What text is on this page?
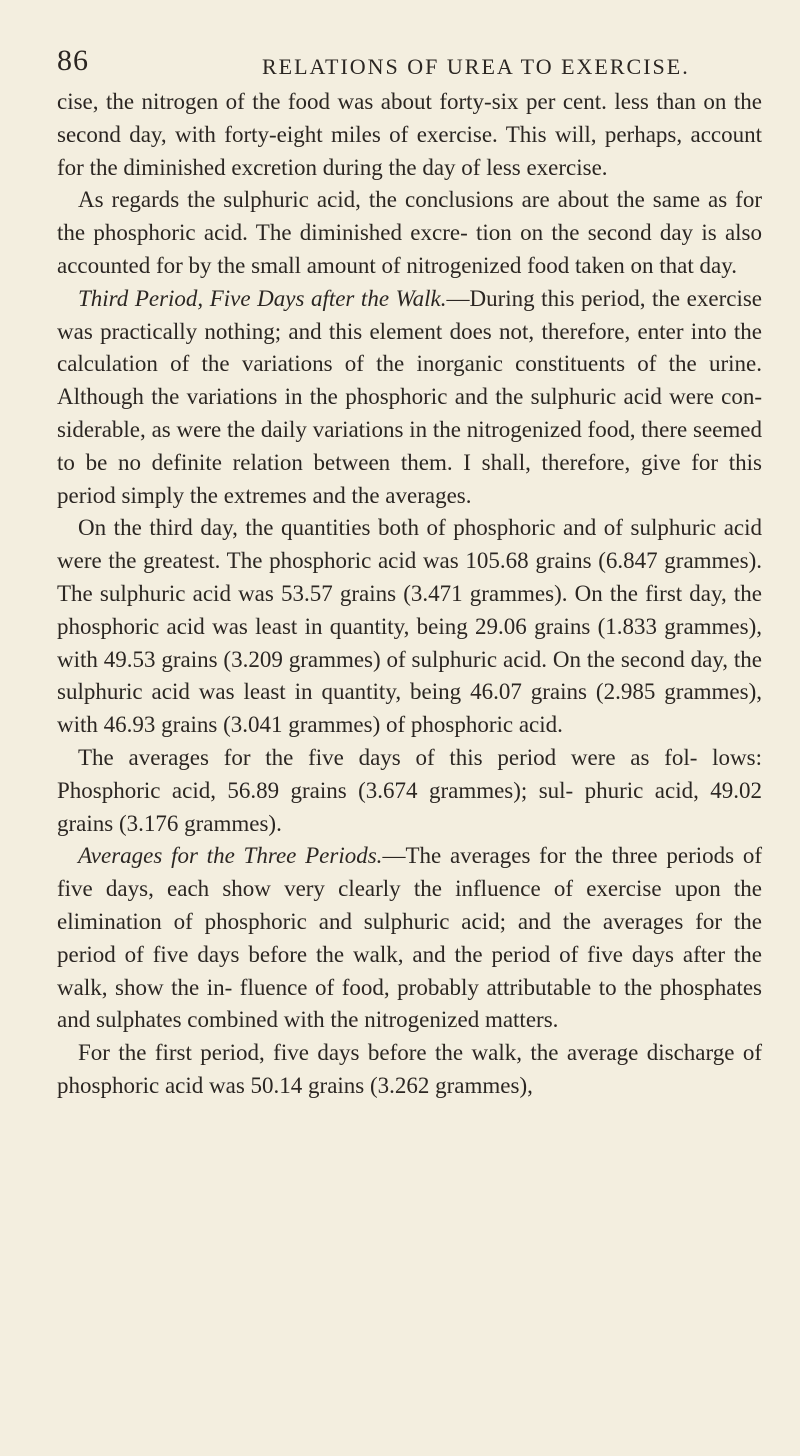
86	RELATIONS OF UREA TO EXERCISE.

cise, the nitrogen of the food was about forty-six per cent. less than on the second day, with forty-eight miles of exercise. This will, perhaps, account for the diminished excretion during the day of less exercise.

As regards the sulphuric acid, the conclusions are about the same as for the phosphoric acid. The diminished excre- tion on the second day is also accounted for by the small amount of nitrogenized food taken on that day.

Third Period, Five Days after the Walk.—During this period, the exercise was practically nothing; and this element does not, therefore, enter into the calculation of the variations of the inorganic constituents of the urine. Although the variations in the phosphoric and the sulphuric acid were con- siderable, as were the daily variations in the nitrogenized food, there seemed to be no definite relation between them. I shall, therefore, give for this period simply the extremes and the averages.

On the third day, the quantities both of phosphoric and of sulphuric acid were the greatest. The phosphoric acid was 105.68 grains (6.847 grammes). The sulphuric acid was 53.57 grains (3.471 grammes). On the first day, the phosphoric acid was least in quantity, being 29.06 grains (1.833 grammes), with 49.53 grains (3.209 grammes) of sulphuric acid. On the second day, the sulphuric acid was least in quantity, being 46.07 grains (2.985 grammes), with 46.93 grains (3.041 grammes) of phosphoric acid.

The averages for the five days of this period were as fol- lows: Phosphoric acid, 56.89 grains (3.674 grammes); sul- phuric acid, 49.02 grains (3.176 grammes).

Averages for the Three Periods.—The averages for the three periods of five days, each show very clearly the influence of exercise upon the elimination of phosphoric and sulphuric acid; and the averages for the period of five days before the walk, and the period of five days after the walk, show the in- fluence of food, probably attributable to the phosphates and sulphates combined with the nitrogenized matters.

For the first period, five days before the walk, the average discharge of phosphoric acid was 50.14 grains (3.262 grammes),
